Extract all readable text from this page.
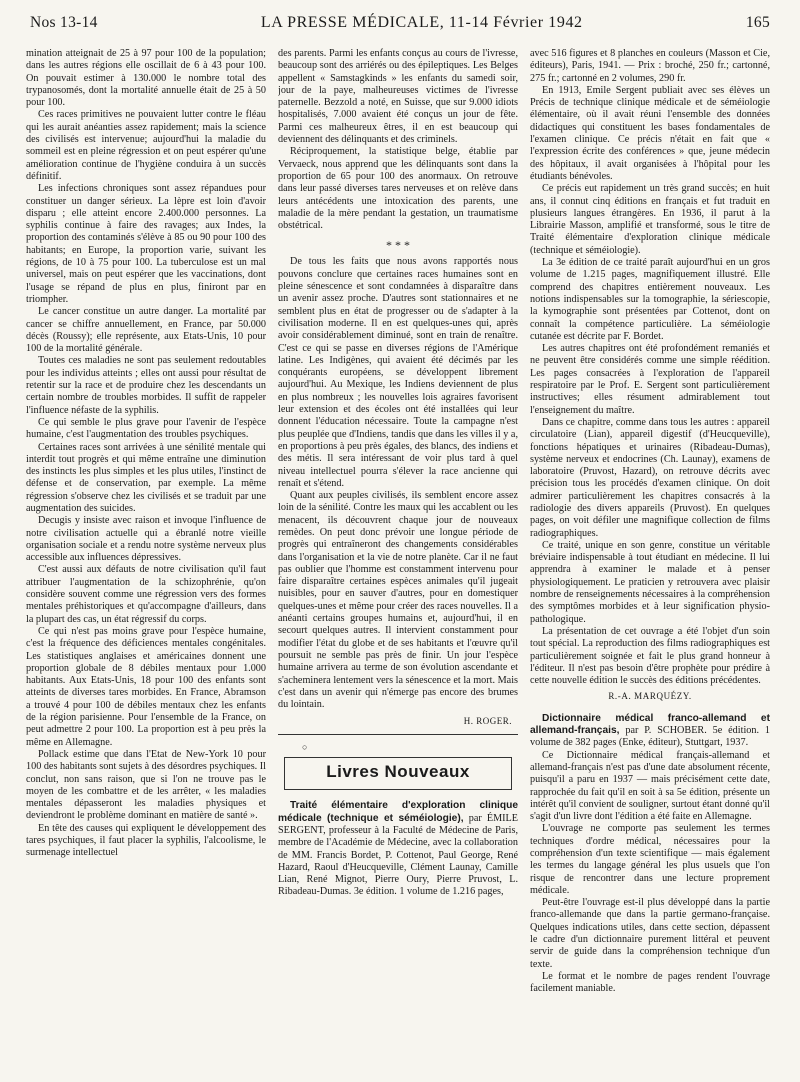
Nos 13-14	LA PRESSE MÉDICALE, 11-14 Février 1942	165

mination atteignait de 25 à 97 pour 100 de la population; dans les autres régions elle oscillait de 6 à 43 pour 100. On pouvait estimer à 130.000 le nombre total des trypanosomés, dont la mortalité annuelle était de 25 à 50 pour 100.

Ces races primitives ne pouvaient lutter contre le fléau qui les aurait anéanties assez rapidement; mais la science des civilisés est intervenue; aujourd'hui la maladie du sommeil est en pleine régression et on peut espérer qu'une amélioration continue de l'hygiène conduira à un succès définitif.

Les infections chroniques sont assez répandues pour constituer un danger sérieux. La lèpre est loin d'avoir disparu ; elle atteint encore 2.400.000 personnes. La syphilis continue à faire des ravages; aux Indes, la proportion des contaminés s'élève à 85 ou 90 pour 100 des habitants; en Europe, la proportion varie, suivant les régions, de 10 à 75 pour 100. La tuberculose est un mal universel, mais on peut espérer que les vaccinations, dont l'usage se répand de plus en plus, finiront par en triompher.

Le cancer constitue un autre danger. La mortalité par cancer se chiffre annuellement, en France, par 50.000 décès (Roussy); elle représente, aux Etats-Unis, 10 pour 100 de la mortalité générale.

Toutes ces maladies ne sont pas seulement redoutables pour les individus atteints ; elles ont aussi pour résultat de retentir sur la race et de produire chez les descendants un certain nombre de troubles morbides. Il suffit de rappeler l'influence néfaste de la syphilis.

Ce qui semble le plus grave pour l'avenir de l'espèce humaine, c'est l'augmentation des troubles psychiques.

Certaines races sont arrivées à une sénilité mentale qui interdit tout progrès et qui même entraîne une diminution des instincts les plus simples et les plus utiles, l'instinct de défense et de conservation, par exemple. La même régression s'observe chez les civilisés et se traduit par une augmentation des suicides.

Decugis y insiste avec raison et invoque l'influence de notre civilisation actuelle qui a ébranlé notre vieille organisation sociale et a rendu notre système nerveux plus accessible aux influences dépressives.

C'est aussi aux défauts de notre civilisation qu'il faut attribuer l'augmentation de la schizophrénie, qu'on considère souvent comme une régression vers des formes mentales préhistoriques et qu'accompagne d'ailleurs, dans la plupart des cas, un état régressif du corps.

Ce qui n'est pas moins grave pour l'espèce humaine, c'est la fréquence des déficiences mentales congénitales. Les statistiques anglaises et américaines donnent une proportion globale de 8 débiles mentaux pour 1.000 habitants. Aux Etats-Unis, 18 pour 100 des enfants sont atteints de diverses tares morbides. En France, Abramson a trouvé 4 pour 100 de débiles mentaux chez les enfants de la région parisienne. Pour l'ensemble de la France, on peut admettre 2 pour 100. La proportion est à peu près la même en Allemagne.

Pollack estime que dans l'Etat de New-York 10 pour 100 des habitants sont sujets à des désordres psychiques. Il conclut, non sans raison, que si l'on ne trouve pas le moyen de les combattre et de les arrêter, « les maladies mentales dépasseront les maladies physiques et deviendront le problème dominant en matière de santé ».

En tête des causes qui expliquent le développement des tares psychiques, il faut placer la syphilis, l'alcoolisme, le surmenage intellectuel

des parents. Parmi les enfants conçus au cours de l'ivresse, beaucoup sont des arriérés ou des épileptiques. Les Belges appellent « Samstagkinds » les enfants du samedi soir, jour de la paye, malheureuses victimes de l'ivresse paternelle. Bezzold a noté, en Suisse, que sur 9.000 idiots hospitalisés, 7.000 avaient été conçus un jour de fête. Parmi ces malheureux êtres, il en est beaucoup qui deviennent des délinquants et des criminels.

Réciproquement, la statistique belge, établie par Vervaeck, nous apprend que les délinquants sont dans la proportion de 65 pour 100 des anormaux. On retrouve dans leur passé diverses tares nerveuses et on relève dans leurs antécédents une intoxication des parents, une maladie de la mère pendant la gestation, un traumatisme obstétrical.

* * *

De tous les faits que nous avons rapportés nous pouvons conclure que certaines races humaines sont en pleine sénescence et sont condamnées à disparaître dans un avenir assez proche. D'autres sont stationnaires et ne semblent plus en état de progresser ou de s'adapter à la civilisation moderne. Il en est quelques-unes qui, après avoir considérablement diminué, sont en train de renaître. C'est ce qui se passe en diverses régions de l'Amérique latine. Les Indigènes, qui avaient été décimés par les conquérants européens, se développent librement aujourd'hui. Au Mexique, les Indiens deviennent de plus en plus nombreux ; les nouvelles lois agraires favorisent leur extension et des écoles ont été installées qui leur donnent l'éducation nécessaire. Toute la campagne n'est plus peuplée que d'Indiens, tandis que dans les villes il y a, en proportions à peu près égales, des blancs, des indiens et des métis. Il sera intéressant de voir plus tard à quel niveau intellectuel pourra s'élever la race ancienne qui renaît et s'étend.

Quant aux peuples civilisés, ils semblent encore assez loin de la sénilité. Contre les maux qui les accablent ou les menacent, ils découvrent chaque jour de nouveaux remèdes. On peut donc prévoir une longue période de progrès qui entraîneront des changements considérables dans l'organisation et la vie de notre planète. Car il ne faut pas oublier que l'homme est constamment intervenu pour faire disparaître certaines espèces animales qu'il jugeait nuisibles, pour en sauver d'autres, pour en domestiquer quelques-unes et même pour créer des races nouvelles. Il a anéanti certains groupes humains et, aujourd'hui, il en secourt quelques autres. Il intervient constamment pour modifier l'état du globe et de ses habitants et l'œuvre qu'il poursuit ne semble pas près de finir. Un jour l'espèce humaine arrivera au terme de son évolution ascendante et s'acheminera lentement vers la sénescence et la mort. Mais c'est dans un avenir qui n'émerge pas encore des brumes du lointain.

H. ROGER.
○
Livres Nouveaux

Traité élémentaire d'exploration clinique médicale (technique et séméiologie), par ÉMILE SERGENT, professeur à la Faculté de Médecine de Paris, membre de l'Académie de Médecine, avec la collaboration de MM. Francis Bordet, P. Cottenot, Paul George, René Hazard, Raoul d'Heucqueville, Clément Launay, Camille Lian, René Mignot, Pierre Oury, Pierre Pruvost, L. Ribadeau-Dumas. 3e édition. 1 volume de 1.216 pages,

avec 516 figures et 8 planches en couleurs (Masson et Cie, éditeurs), Paris, 1941. — Prix : broché, 250 fr.; cartonné, 275 fr.; cartonné en 2 volumes, 290 fr.

En 1913, Emile Sergent publiait avec ses élèves un Précis de technique clinique médicale et de séméiologie élémentaire, où il avait réuni l'ensemble des données didactiques qui constituent les bases fondamentales de l'examen clinique. Ce précis n'était en fait que « l'expression écrite des conférences » que, jeune médecin des hôpitaux, il avait organisées à l'hôpital pour les étudiants bénévoles.

Ce précis eut rapidement un très grand succès; en huit ans, il connut cinq éditions en français et fut traduit en plusieurs langues étrangères. En 1936, il parut à la Librairie Masson, amplifié et transformé, sous le titre de Traité élémentaire d'exploration clinique médicale (technique et séméiologie).

La 3e édition de ce traité paraît aujourd'hui en un gros volume de 1.215 pages, magnifiquement illustré. Elle comprend des chapitres entièrement nouveaux. Les notions indispensables sur la tomographie, la sériescopie, la kymographie sont présentées par Cottenot, dont on connaît la compétence particulière. La séméiologie cutanée est décrite par F. Bordet.

Les autres chapitres ont été profondément remaniés et ne peuvent être considérés comme une simple réédition. Les pages consacrées à l'exploration de l'appareil respiratoire par le Prof. E. Sergent sont particulièrement instructives; elles résument admirablement tout l'enseignement du maître.

Dans ce chapitre, comme dans tous les autres : appareil circulatoire (Lian), appareil digestif (d'Heucqueville), fonctions hépatiques et urinaires (Ribadeau-Dumas), système nerveux et endocrines (Ch. Launay), examens de laboratoire (Pruvost, Hazard), on retrouve décrits avec précision tous les procédés d'examen clinique. On doit admirer particulièrement les chapitres consacrés à la radiologie des divers appareils (Pruvost). En quelques pages, on voit défiler une magnifique collection de films radiographiques.

Ce traité, unique en son genre, constitue un véritable bréviaire indispensable à tout étudiant en médecine. Il lui apprendra à examiner le malade et à penser physiologiquement. Le praticien y retrouvera avec plaisir nombre de renseignements nécessaires à la compréhension des symptômes morbides et à leur signification physio-pathologique.

La présentation de cet ouvrage a été l'objet d'un soin tout spécial. La reproduction des films radiographiques est particulièrement soignée et fait le plus grand honneur à l'éditeur. Il n'est pas besoin d'être prophète pour prédire à cette nouvelle édition le succès des éditions précédentes.

R.-A. MARQUÉZY.

Dictionnaire médical franco-allemand et allemand-français, par P. SCHOBER. 5e édition. 1 volume de 382 pages (Enke, éditeur), Stuttgart, 1937.

Ce Dictionnaire médical français-allemand et allemand-français n'est pas d'une date absolument récente, puisqu'il a paru en 1937 — mais précisément cette date, rapprochée du fait qu'il en soit à sa 5e édition, présente un intérêt qu'il convient de souligner, surtout étant donné qu'il s'agit d'un livre dont l'édition a été faite en Allemagne.

L'ouvrage ne comporte pas seulement les termes techniques d'ordre médical, nécessaires pour la compréhension d'un texte scientifique — mais également les termes du langage général les plus usuels que l'on risque de rencontrer dans une lecture proprement médicale.

Peut-être l'ouvrage est-il plus développé dans la partie franco-allemande que dans la partie germano-française. Quelques indications utiles, dans cette section, dépassent le cadre d'un dictionnaire purement littéral et peuvent servir de guide dans la compréhension technique d'un texte.

Le format et le nombre de pages rendent l'ouvrage facilement maniable.
